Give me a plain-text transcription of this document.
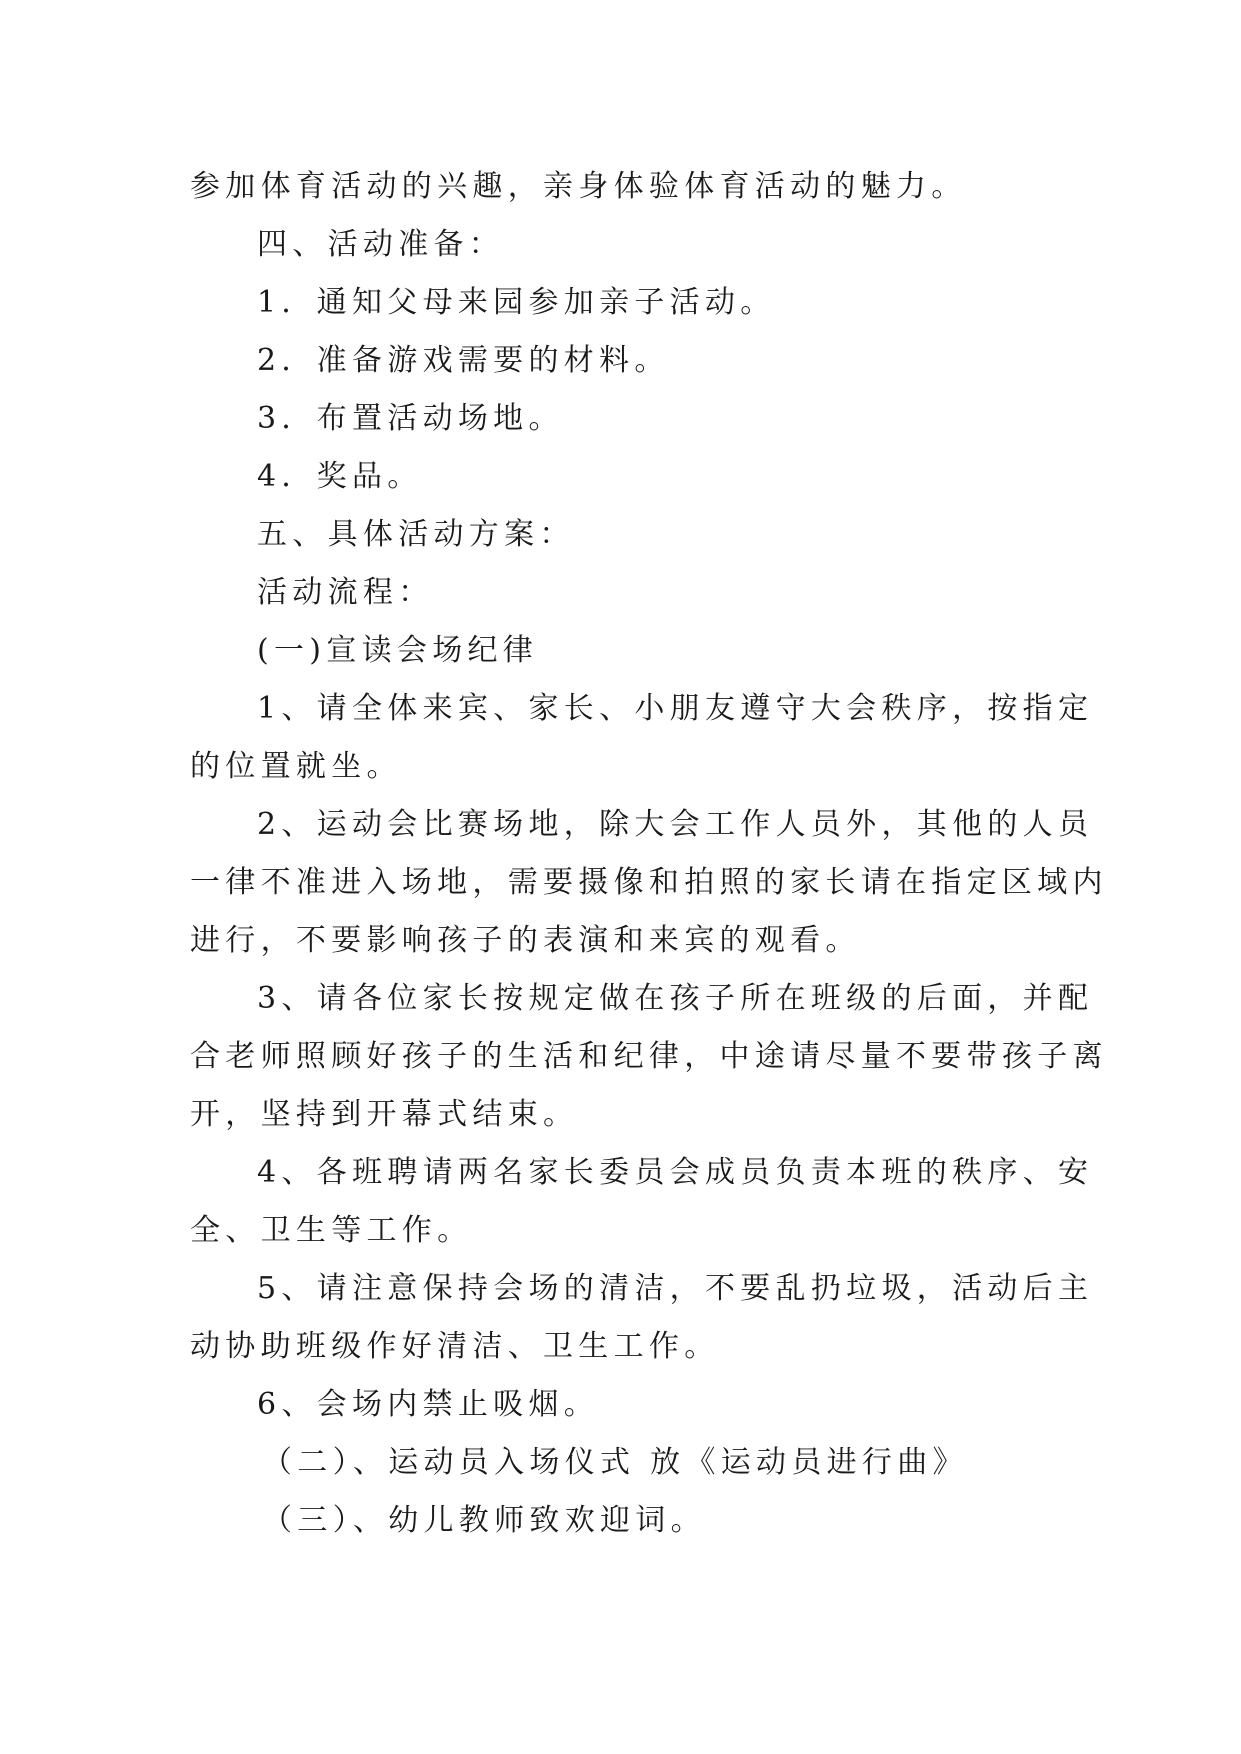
参加体育活动的兴趣，亲身体验体育活动的魅力。
四、活动准备：
1．通知父母来园参加亲子活动。
2．准备游戏需要的材料。
3．布置活动场地。
4．奖品。
五、具体活动方案：
活动流程：
(一)宣读会场纪律
1、请全体来宾、家长、小朋友遵守大会秩序，按指定
的位置就坐。
2、运动会比赛场地，除大会工作人员外，其他的人员
一律不准进入场地，需要摄像和拍照的家长请在指定区域内
进行，不要影响孩子的表演和来宾的观看。
3、请各位家长按规定做在孩子所在班级的后面，并配
合老师照顾好孩子的生活和纪律，中途请尽量不要带孩子离
开，坚持到开幕式结束。
4、各班聘请两名家长委员会成员负责本班的秩序、安
全、卫生等工作。
5、请注意保持会场的清洁，不要乱扔垃圾，活动后主
动协助班级作好清洁、卫生工作。
6、会场内禁止吸烟。
（二）、运动员入场仪式 放《运动员进行曲》
（三）、幼儿教师致欢迎词。
